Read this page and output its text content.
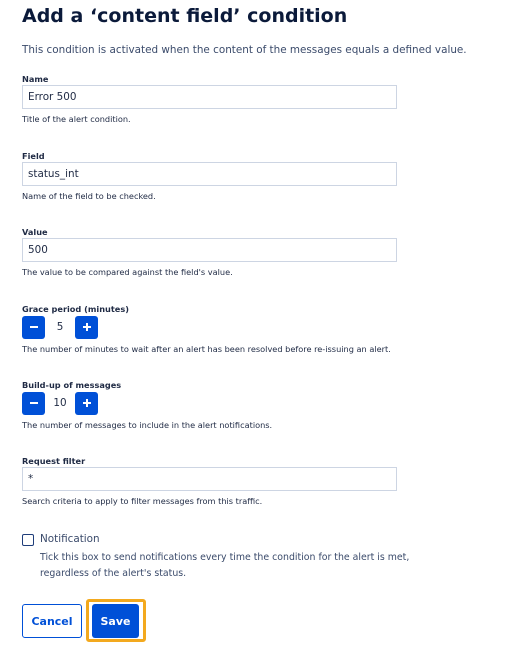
Add a ‘content field’ condition
This condition is activated when the content of the messages equals a defined value.
Name
Error 500
Title of the alert condition.
Field
status_int
Name of the field to be checked.
Value
500
The value to be compared against the field's value.
Grace period (minutes)
5
The number of minutes to wait after an alert has been resolved before re-issuing an alert.
Build-up of messages
10
The number of messages to include in the alert notifications.
Request filter
*
Search criteria to apply to filter messages from this traffic.
Notification
Tick this box to send notifications every time the condition for the alert is met, regardless of the alert's status.
Cancel	Save
